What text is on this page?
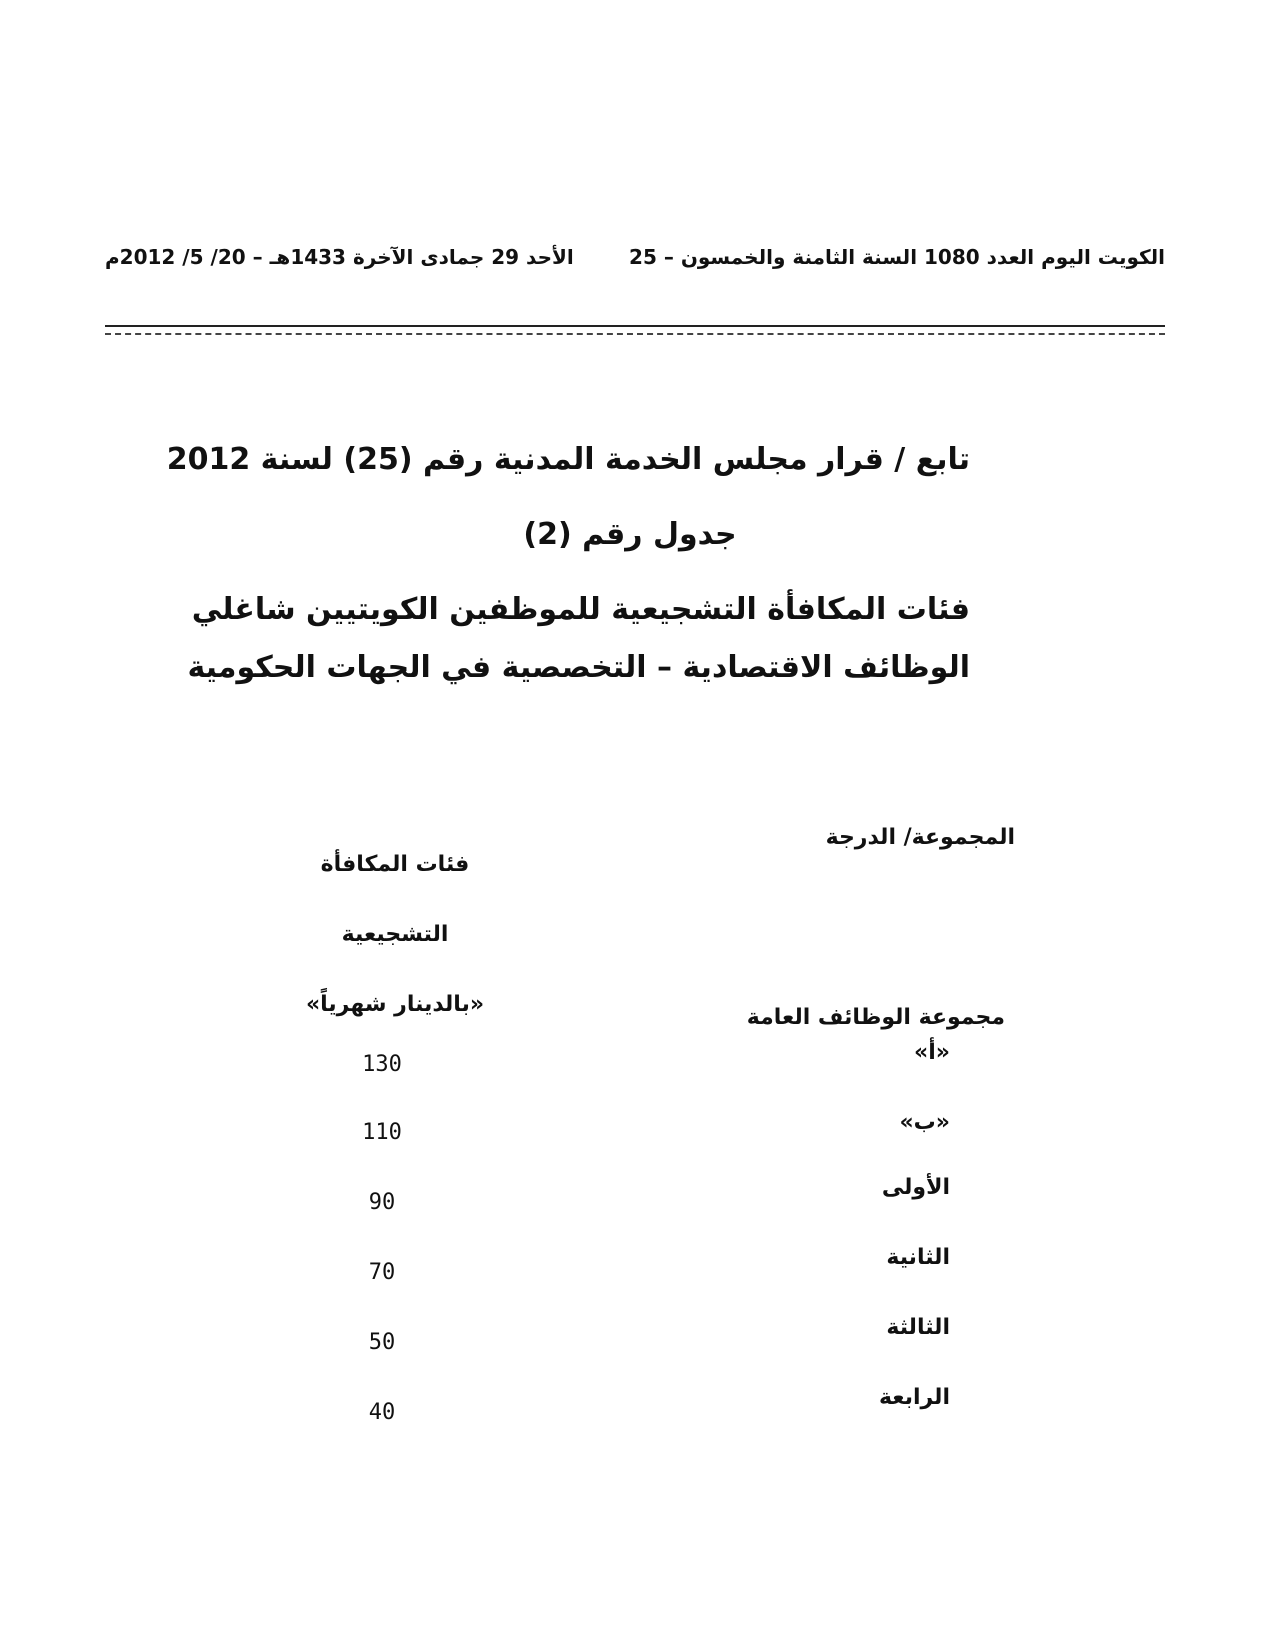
الكويت اليوم العدد 1080 السنة الثامنة والخمسون – 25
الأحد 29 جمادى الآخرة 1433هـ – 20/ 5/ 2012م
تابع / قرار مجلس الخدمة المدنية رقم (25) لسنة 2012
جدول رقم (2)
فئات المكافأة التشجيعية للموظفين الكويتيين شاغلي
الوظائف الاقتصادية – التخصصية في الجهات الحكومية
المجموعة/ الدرجة
فئات المكافأة التشجيعية
«بالدينار شهرياً»
مجموعة الوظائف العامة
«أ»
130
«ب»
110
الأولى
90
الثانية
70
الثالثة
50
الرابعة
40
